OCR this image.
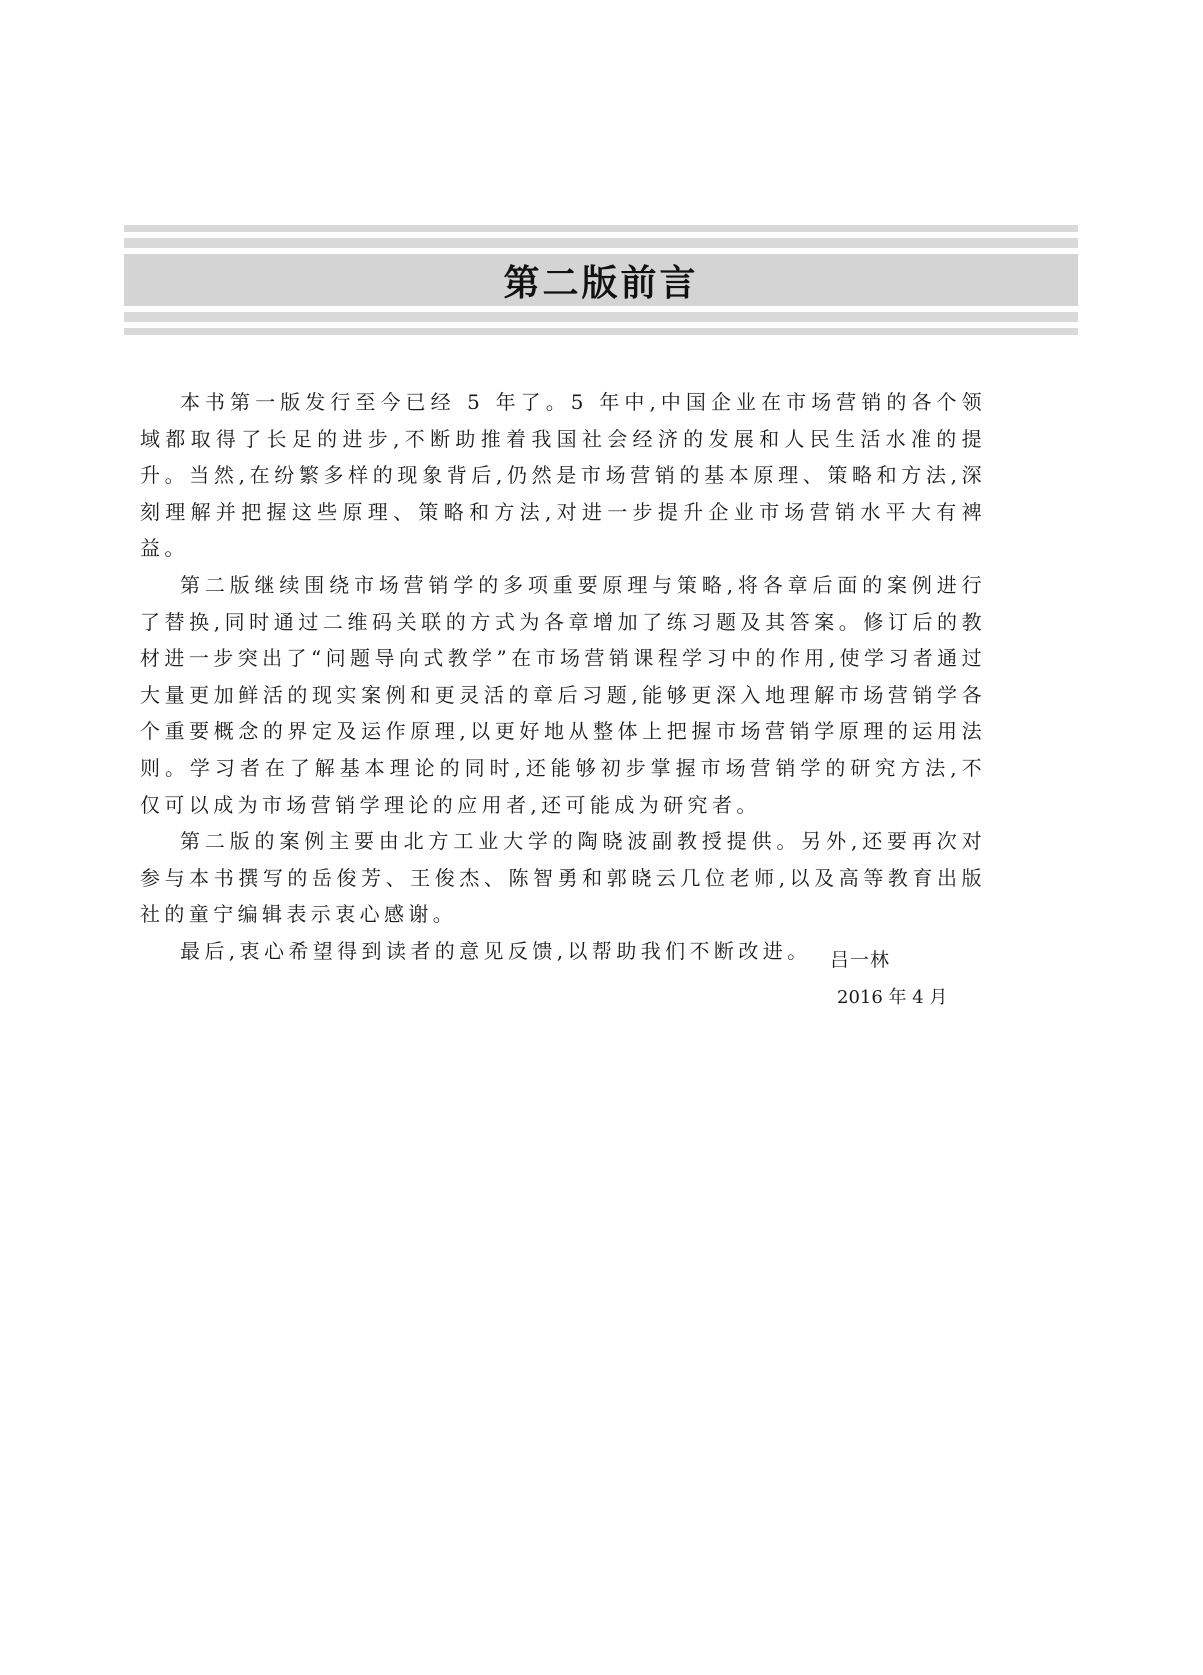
第二版前言

本书第一版发行至今已经 5 年了。5 年中,中国企业在市场营销的各个领域都取得了长足的进步,不断助推着我国社会经济的发展和人民生活水准的提升。当然,在纷繁多样的现象背后,仍然是市场营销的基本原理、策略和方法,深刻理解并把握这些原理、策略和方法,对进一步提升企业市场营销水平大有裨益。

第二版继续围绕市场营销学的多项重要原理与策略,将各章后面的案例进行了替换,同时通过二维码关联的方式为各章增加了练习题及其答案。修订后的教材进一步突出了“问题导向式教学”在市场营销课程学习中的作用,使学习者通过大量更加鲜活的现实案例和更灵活的章后习题,能够更深入地理解市场营销学各个重要概念的界定及运作原理,以更好地从整体上把握市场营销学原理的运用法则。学习者在了解基本理论的同时,还能够初步掌握市场营销学的研究方法,不仅可以成为市场营销学理论的应用者,还可能成为研究者。

第二版的案例主要由北方工业大学的陶晓波副教授提供。另外,还要再次对参与本书撰写的岳俊芳、王俊杰、陈智勇和郭晓云几位老师,以及高等教育出版社的童宁编辑表示衷心感谢。

最后,衷心希望得到读者的意见反馈,以帮助我们不断改进。 吕一林
2016 年 4 月
